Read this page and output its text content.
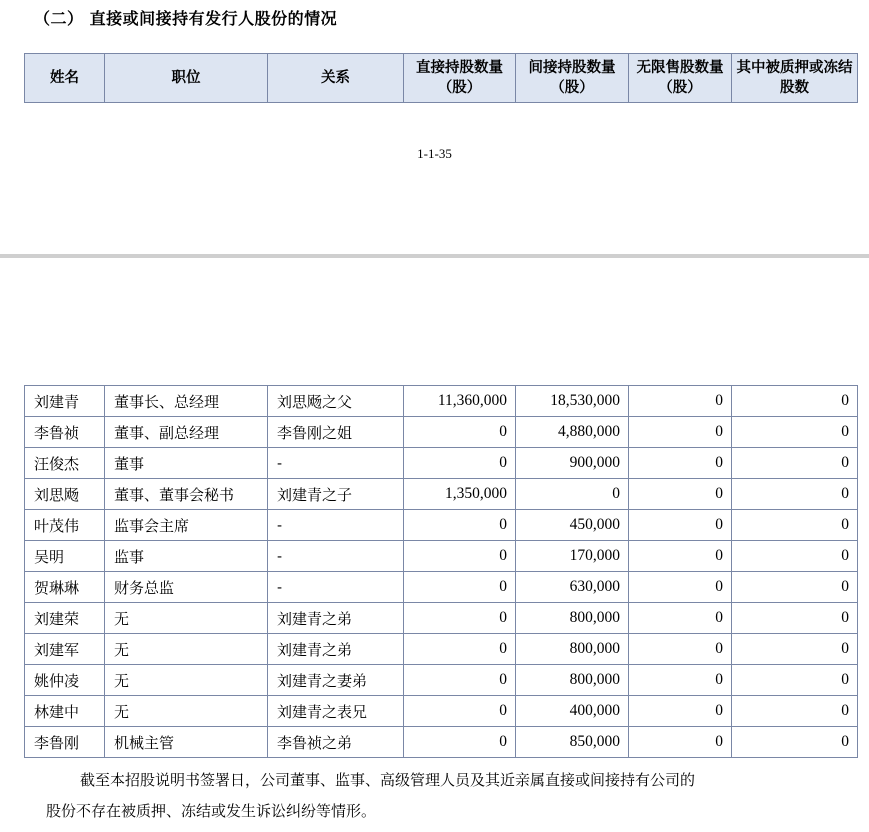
（二） 直接或间接持有发行人股份的情况
姓名	职位	关系	直接持股数量（股）	间接持股数量（股）	无限售股数量（股）	其中被质押或冻结股数
1-1-35
刘建青	董事长、总经理	刘思飏之父	11,360,000	18,530,000	0	0
李鲁祯	董事、副总经理	李鲁刚之姐	0	4,880,000	0	0
汪俊杰	董事	-	0	900,000	0	0
刘思飏	董事、董事会秘书	刘建青之子	1,350,000	0	0	0
叶茂伟	监事会主席	-	0	450,000	0	0
吴明	监事	-	0	170,000	0	0
贺琳琳	财务总监	-	0	630,000	0	0
刘建荣	无	刘建青之弟	0	800,000	0	0
刘建军	无	刘建青之弟	0	800,000	0	0
姚仲凌	无	刘建青之妻弟	0	800,000	0	0
林建中	无	刘建青之表兄	0	400,000	0	0
李鲁刚	机械主管	李鲁祯之弟	0	850,000	0	0

截至本招股说明书签署日，公司董事、监事、高级管理人员及其近亲属直接或间接持有公司的

股份不存在被质押、冻结或发生诉讼纠纷等情形。
